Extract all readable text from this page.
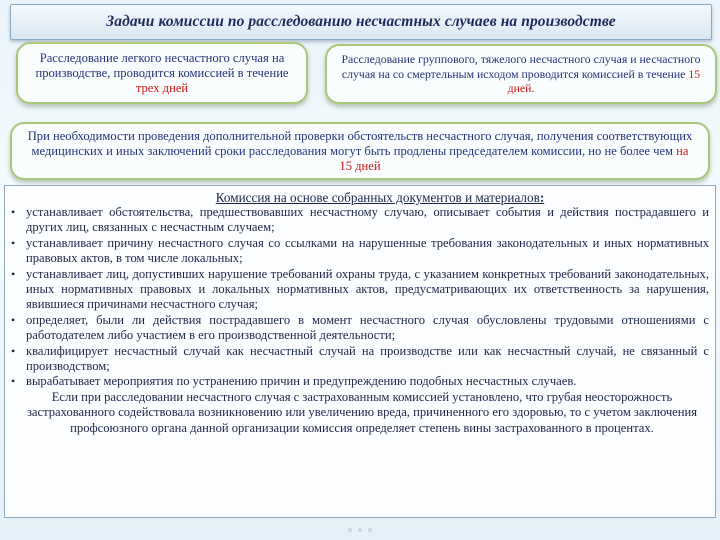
Задачи комиссии по расследованию несчастных случаев на производстве
Расследование легкого несчастного случая на производстве, проводится комиссией в течение трех дней
Расследование группового, тяжелого несчастного случая и несчастного случая на со смертельным исходом проводится комиссией в течение 15 дней.
При необходимости проведения дополнительной проверки обстоятельств несчастного случая, получения соответствующих медицинских и иных заключений сроки расследования могут быть продлены председателем комиссии, но не более чем на 15 дней
Комиссия на основе собранных документов и материалов:
• устанавливает обстоятельства, предшествовавших несчастному случаю, описывает события и действия пострадавшего и других лиц, связанных с несчастным случаем;
• устанавливает причину несчастного случая со ссылками на нарушенные требования законодательных и иных нормативных правовых актов, в том числе локальных;
• устанавливает лиц, допустивших нарушение требований охраны труда, с указанием конкретных требований законодательных, иных нормативных правовых и локальных нормативных актов, предусматривающих их ответственность за нарушения, явившиеся причинами несчастного случая;
• определяет, были ли действия пострадавшего в момент несчастного случая обусловлены трудовыми отношениями с работодателем либо участием в его производственной деятельности;
• квалифицирует несчастный случай как несчастный случай на производстве или как несчастный случай, не связанный с производством;
• вырабатывает мероприятия по устранению причин и предупреждению подобных несчастных случаев.
Если при расследовании несчастного случая с застрахованным комиссией установлено, что грубая неосторожность застрахованного содействовала возникновению или увеличению вреда, причиненного его здоровью, то с учетом заключения профсоюзного органа данной организации комиссия определяет степень вины застрахованного в процентах.
